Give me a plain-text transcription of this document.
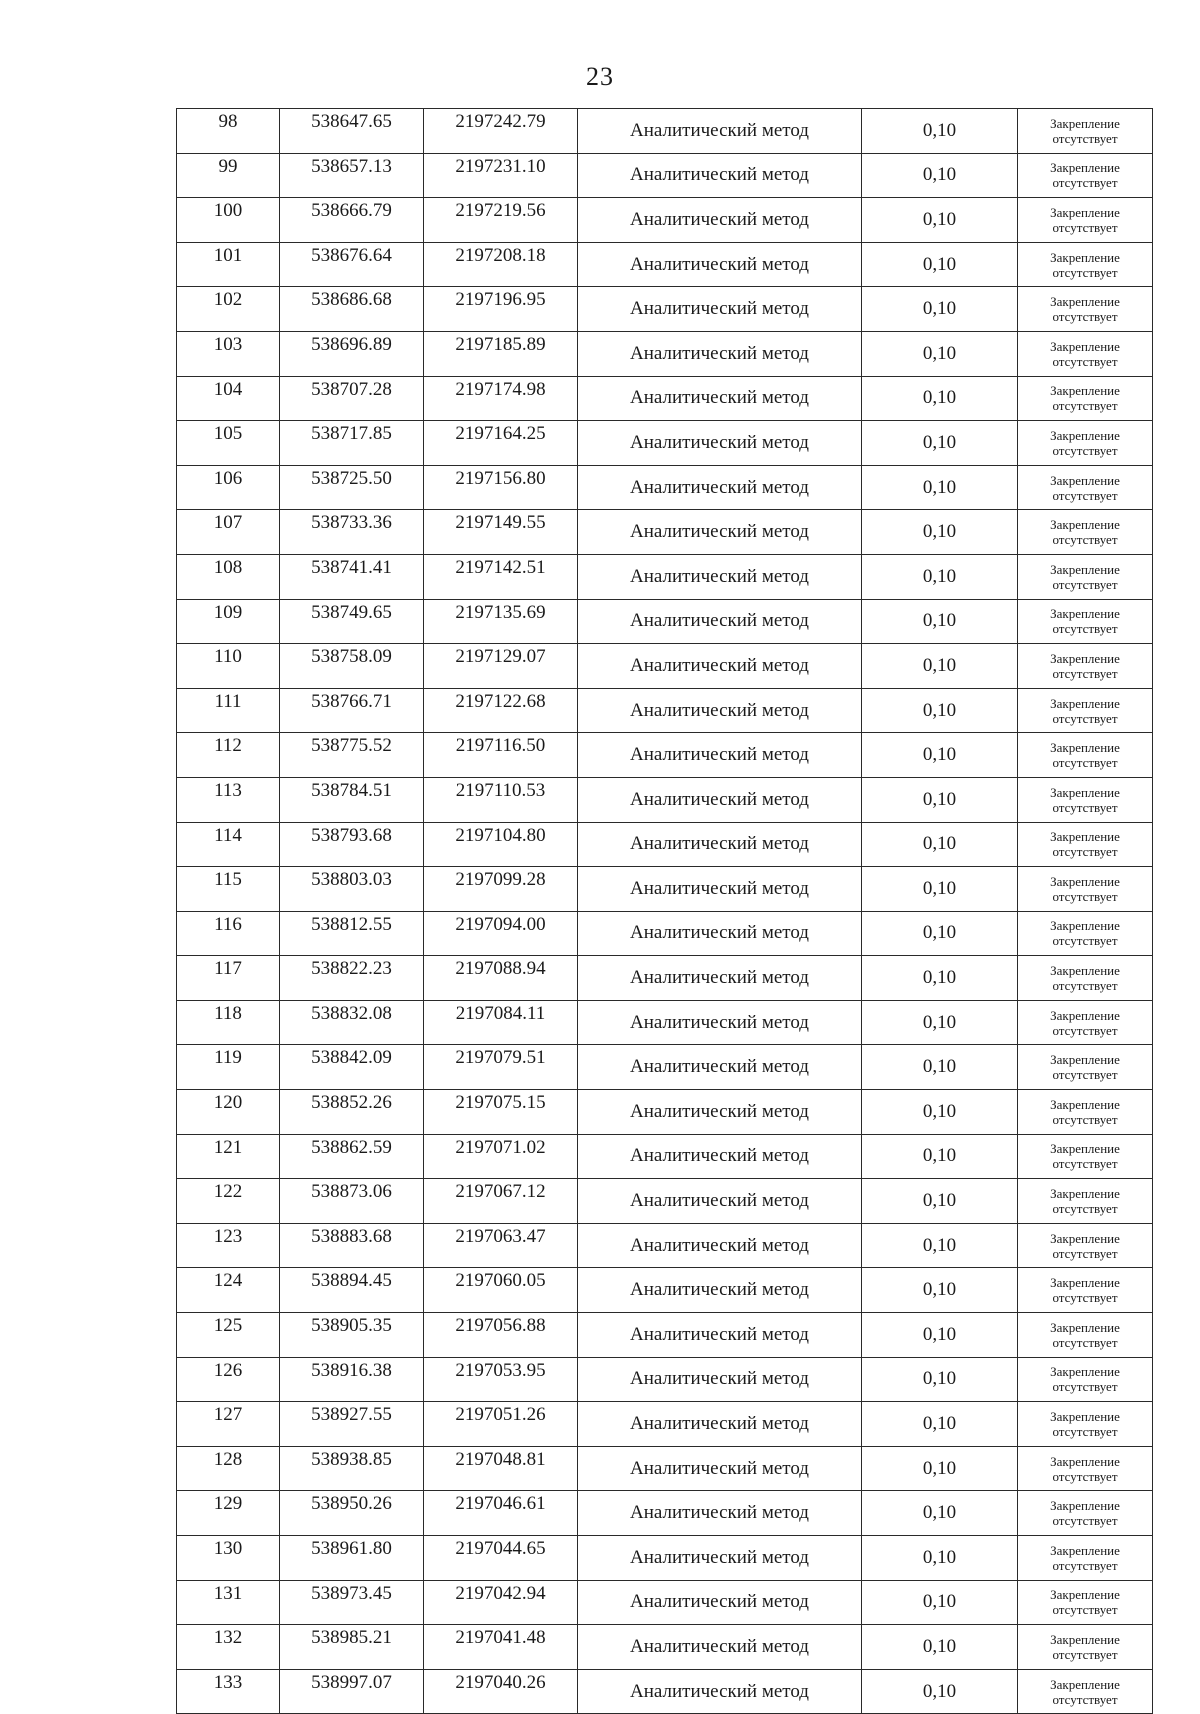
23
98	538647.65	2197242.79	Аналитический метод	0,10	Закрепление отсутствует

99	538657.13	2197231.10	Аналитический метод	0,10	Закрепление отсутствует

100	538666.79	2197219.56	Аналитический метод	0,10	Закрепление отсутствует

101	538676.64	2197208.18	Аналитический метод	0,10	Закрепление отсутствует

102	538686.68	2197196.95	Аналитический метод	0,10	Закрепление отсутствует

103	538696.89	2197185.89	Аналитический метод	0,10	Закрепление отсутствует

104	538707.28	2197174.98	Аналитический метод	0,10	Закрепление отсутствует

105	538717.85	2197164.25	Аналитический метод	0,10	Закрепление отсутствует

106	538725.50	2197156.80	Аналитический метод	0,10	Закрепление отсутствует

107	538733.36	2197149.55	Аналитический метод	0,10	Закрепление отсутствует

108	538741.41	2197142.51	Аналитический метод	0,10	Закрепление отсутствует

109	538749.65	2197135.69	Аналитический метод	0,10	Закрепление отсутствует

110	538758.09	2197129.07	Аналитический метод	0,10	Закрепление отсутствует

111	538766.71	2197122.68	Аналитический метод	0,10	Закрепление отсутствует

112	538775.52	2197116.50	Аналитический метод	0,10	Закрепление отсутствует

113	538784.51	2197110.53	Аналитический метод	0,10	Закрепление отсутствует

114	538793.68	2197104.80	Аналитический метод	0,10	Закрепление отсутствует

115	538803.03	2197099.28	Аналитический метод	0,10	Закрепление отсутствует

116	538812.55	2197094.00	Аналитический метод	0,10	Закрепление отсутствует

117	538822.23	2197088.94	Аналитический метод	0,10	Закрепление отсутствует

118	538832.08	2197084.11	Аналитический метод	0,10	Закрепление отсутствует

119	538842.09	2197079.51	Аналитический метод	0,10	Закрепление отсутствует

120	538852.26	2197075.15	Аналитический метод	0,10	Закрепление отсутствует

121	538862.59	2197071.02	Аналитический метод	0,10	Закрепление отсутствует

122	538873.06	2197067.12	Аналитический метод	0,10	Закрепление отсутствует

123	538883.68	2197063.47	Аналитический метод	0,10	Закрепление отсутствует

124	538894.45	2197060.05	Аналитический метод	0,10	Закрепление отсутствует

125	538905.35	2197056.88	Аналитический метод	0,10	Закрепление отсутствует

126	538916.38	2197053.95	Аналитический метод	0,10	Закрепление отсутствует

127	538927.55	2197051.26	Аналитический метод	0,10	Закрепление отсутствует

128	538938.85	2197048.81	Аналитический метод	0,10	Закрепление отсутствует

129	538950.26	2197046.61	Аналитический метод	0,10	Закрепление отсутствует

130	538961.80	2197044.65	Аналитический метод	0,10	Закрепление отсутствует

131	538973.45	2197042.94	Аналитический метод	0,10	Закрепление отсутствует

132	538985.21	2197041.48	Аналитический метод	0,10	Закрепление отсутствует

133	538997.07	2197040.26	Аналитический метод	0,10	Закрепление отсутствует
